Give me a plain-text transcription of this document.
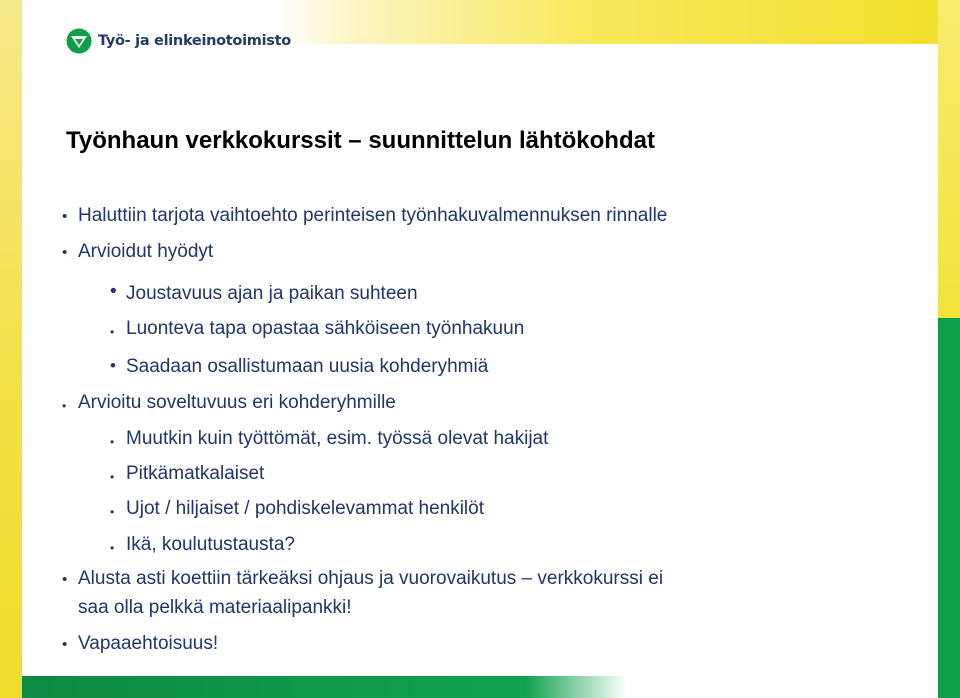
Työ- ja elinkeinotoimisto
Työnhaun verkkokurssit – suunnittelun lähtökohdat
• Haluttiin tarjota vaihtoehto perinteisen työnhakuvalmennuksen rinnalle
• Arvioidut hyödyt
• Joustavuus ajan ja paikan suhteen
• Luonteva tapa opastaa sähköiseen työnhakuun
• Saadaan osallistumaan uusia kohderyhmiä
• Arvioitu soveltuvuus eri kohderyhmille
• Muutkin kuin työttömät, esim. työssä olevat hakijat
• Pitkämatkalaiset
• Ujot / hiljaiset / pohdiskelevammat henkilöt
• Ikä, koulutustausta?
• Alusta asti koettiin tärkeäksi ohjaus ja vuorovaikutus – verkkokurssi ei
saa olla pelkkä materiaalipankki!
• Vapaaehtoisuus!
